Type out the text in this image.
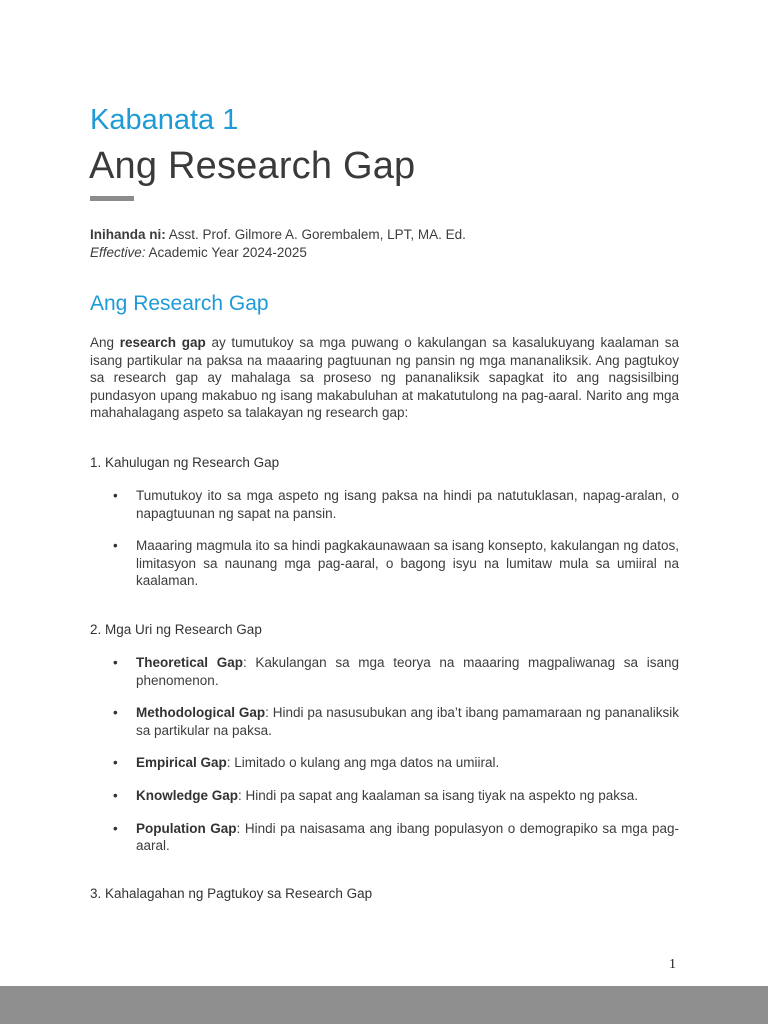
Kabanata 1
Ang Research Gap
Inihanda ni: Asst. Prof. Gilmore A. Gorembalem, LPT, MA. Ed.
Effective: Academic Year 2024-2025
Ang Research Gap
Ang research gap ay tumutukoy sa mga puwang o kakulangan sa kasalukuyang kaalaman sa isang partikular na paksa na maaaring pagtuunan ng pansin ng mga mananaliksik. Ang pagtukoy sa research gap ay mahalaga sa proseso ng pananaliksik sapagkat ito ang nagsisilbing pundasyon upang makabuo ng isang makabuluhan at makatutulong na pag-aaral. Narito ang mga mahahalagang aspeto sa talakayan ng research gap:
1. Kahulugan ng Research Gap
• Tumutukoy ito sa mga aspeto ng isang paksa na hindi pa natutuklasan, napag-aralan, o napagtuunan ng sapat na pansin.
• Maaaring magmula ito sa hindi pagkakaunawaan sa isang konsepto, kakulangan ng datos, limitasyon sa naunang mga pag-aaral, o bagong isyu na lumitaw mula sa umiiral na kaalaman.
2. Mga Uri ng Research Gap
• Theoretical Gap: Kakulangan sa mga teorya na maaaring magpaliwanag sa isang phenomenon.
• Methodological Gap: Hindi pa nasusubukan ang iba’t ibang pamamaraan ng pananaliksik sa partikular na paksa.
• Empirical Gap: Limitado o kulang ang mga datos na umiiral.
• Knowledge Gap: Hindi pa sapat ang kaalaman sa isang tiyak na aspekto ng paksa.
• Population Gap: Hindi pa naisasama ang ibang populasyon o demograpiko sa mga pag-aaral.
3. Kahalagahan ng Pagtukoy sa Research Gap
1
